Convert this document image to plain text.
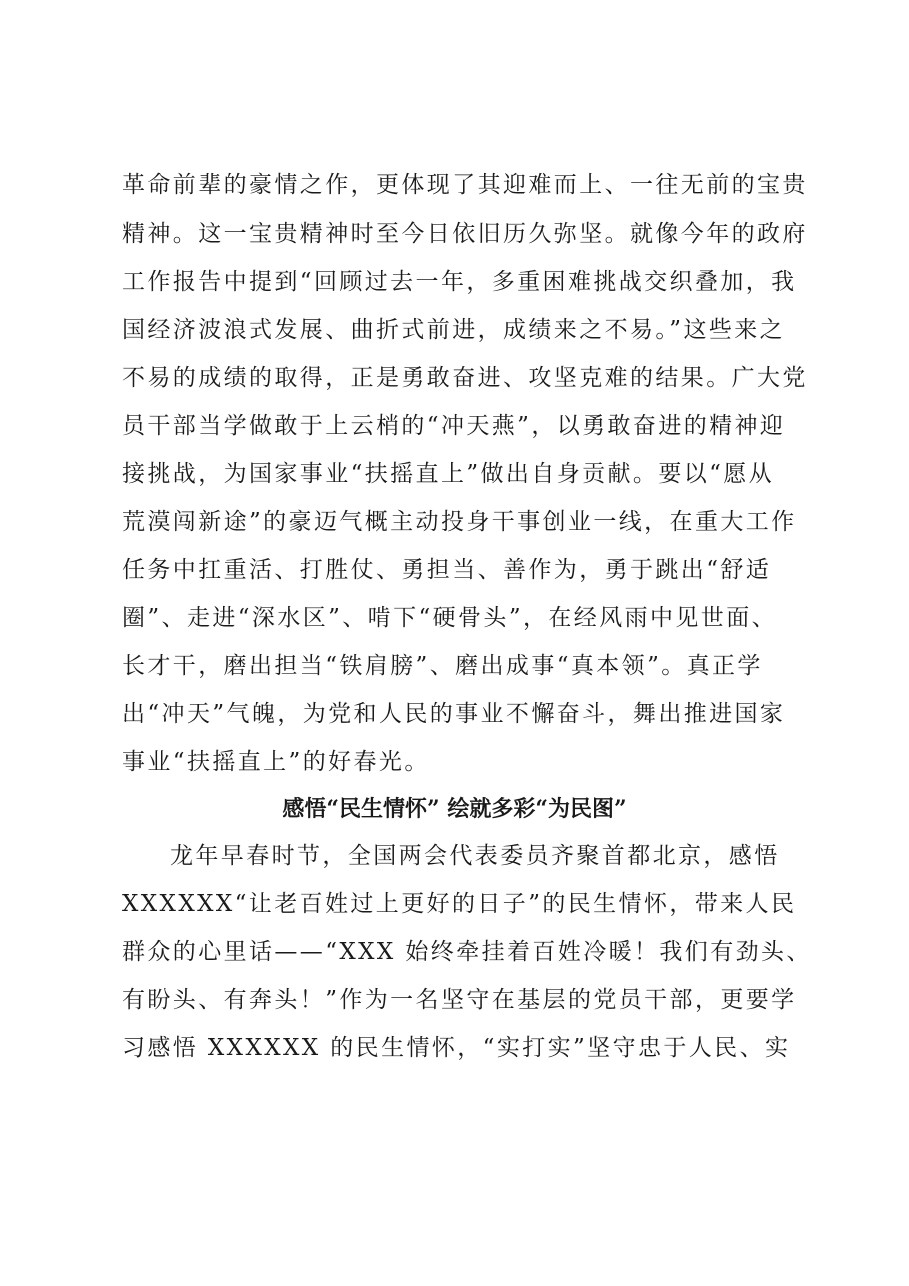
革命前辈的豪情之作，更体现了其迎难而上、一往无前的宝贵
精神。这一宝贵精神时至今日依旧历久弥坚。就像今年的政府
工作报告中提到“回顾过去一年，多重困难挑战交织叠加，我
国经济波浪式发展、曲折式前进，成绩来之不易。”这些来之
不易的成绩的取得，正是勇敢奋进、攻坚克难的结果。广大党
员干部当学做敢于上云梢的“冲天燕”，以勇敢奋进的精神迎
接挑战，为国家事业“扶摇直上”做出自身贡献。要以“愿从
荒漠闯新途”的豪迈气概主动投身干事创业一线，在重大工作
任务中扛重活、打胜仗、勇担当、善作为，勇于跳出“舒适
圈”、走进“深水区”、啃下“硬骨头”，在经风雨中见世面、
长才干，磨出担当“铁肩膀”、磨出成事“真本领”。真正学
出“冲天”气魄，为党和人民的事业不懈奋斗，舞出推进国家
事业“扶摇直上”的好春光。
感悟“民生情怀” 绘就多彩“为民图”
龙年早春时节，全国两会代表委员齐聚首都北京，感悟
XXXXXX“让老百姓过上更好的日子”的民生情怀，带来人民
群众的心里话——“XXX 始终牵挂着百姓冷暖！我们有劲头、
有盼头、有奔头！”作为一名坚守在基层的党员干部，更要学
习感悟 XXXXXX 的民生情怀，“实打实”坚守忠于人民、实
